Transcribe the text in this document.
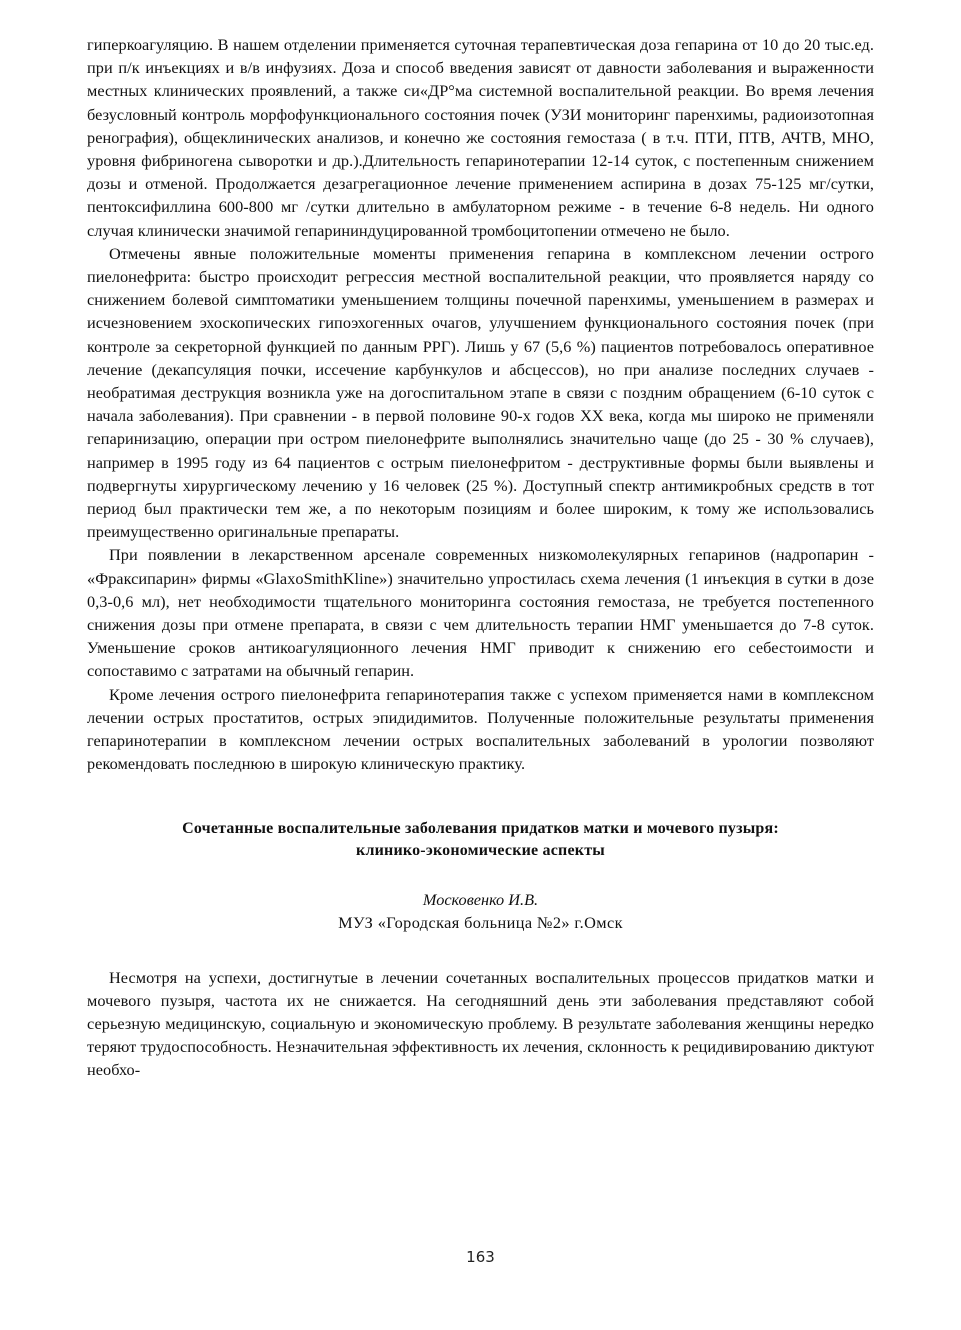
гиперкоагуляцию. В нашем отделении применяется суточная терапевтическая доза гепарина от 10 до 20 тыс.ед. при п/к инъекциях и в/в инфузиях. Доза и способ введения зависят от давности заболевания и выраженности местных клинических проявлений, а также си«ДР°ма системной воспалительной реакции. Во время лечения безусловный контроль морфофункционального состояния почек (УЗИ мониторинг паренхимы, радиоизотопная ренография), общеклинических анализов, и конечно же состояния гемостаза ( в т.ч. ПТИ, ПТВ, АЧТВ, МНО, уровня фибриногена сыворотки и др.).Длительность гепаринотерапии 12-14 суток, с постепенным снижением дозы и отменой. Продолжается дезагрегационное лечение применением аспирина в дозах 75-125 мг/сутки, пентоксифиллина 600-800 мг /сутки длительно в амбулаторном режиме - в течение 6-8 недель. Ни одного случая клинически значимой гепарининдуцированной тромбоцитопении отмечено не было.

Отмечены явные положительные моменты применения гепарина в комплексном лечении острого пиелонефрита: быстро происходит регрессия местной воспалительной реакции, что проявляется наряду со снижением болевой симптоматики уменьшением толщины почечной паренхимы, уменьшением в размерах и исчезновением эхоскопических гипоэхогенных очагов, улучшением функционального состояния почек (при контроле за секреторной функцией по данным РРГ). Лишь у 67 (5,6 %) пациентов потребовалось оперативное лечение (декапсуляция почки, иссечение карбункулов и абсцессов), но при анализе последних случаев - необратимая деструкция возникла уже на догоспитальном этапе в связи с поздним обращением (6-10 суток с начала заболевания). При сравнении - в первой половине 90-х годов XX века, когда мы широко не применяли гепаринизацию, операции при остром пиелонефрите выполнялись значительно чаще (до 25 - 30 % случаев), например в 1995 году из 64 пациентов с острым пиелонефритом - деструктивные формы были выявлены и подвергнуты хирургическому лечению у 16 человек (25 %). Доступный спектр антимикробных средств в тот период был практически тем же, а по некоторым позициям и более широким, к тому же использовались преимущественно оригинальные препараты.

При появлении в лекарственном арсенале современных низкомолекулярных гепаринов (надропарин - «Фраксипарин» фирмы «GlaxoSmithKline») значительно упростилась схема лечения (1 инъекция в сутки в дозе 0,3-0,6 мл), нет необходимости тщательного мониторинга состояния гемостаза, не требуется постепенного снижения дозы при отмене препарата, в связи с чем длительность терапии НМГ уменьшается до 7-8 суток. Уменьшение сроков антикоагуляционного лечения НМГ приводит к снижению его себестоимости и сопоставимо с затратами на обычный гепарин.

Кроме лечения острого пиелонефрита гепаринотерапия также с успехом применяется нами в комплексном лечении острых простатитов, острых эпидидимитов. Полученные положительные результаты применения гепаринотерапии в комплексном лечении острых воспалительных заболеваний в урологии позволяют рекомендовать последнюю в широкую клиническую практику.

Сочетанные воспалительные заболевания придатков матки и мочевого пузыря:

клинико-экономические аспекты

Московенко И.В.

МУЗ «Городская больница №2» г.Омск

Несмотря на успехи, достигнутые в лечении сочетанных воспалительных процессов придатков матки и мочевого пузыря, частота их не снижается. На сегодняшний день эти заболевания представляют собой серьезную медицинскую, социальную и экономическую проблему. В результате заболевания женщины нередко теряют трудоспособность. Незначительная эффективность их лечения, склонность к рецидивированию диктуют необхо-

163
